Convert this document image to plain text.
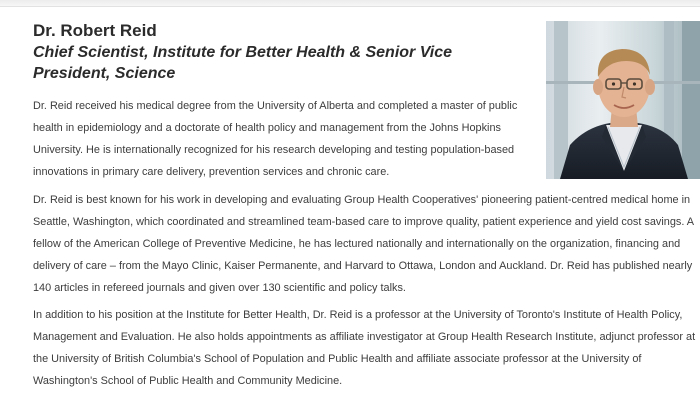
Dr. Robert Reid
Chief Scientist, Institute for Better Health & Senior Vice President, Science

Dr. Reid received his medical degree from the University of Alberta and completed a master of public health in epidemiology and a doctorate of health policy and management from the Johns Hopkins University. He is internationally recognized for his research developing and testing population-based innovations in primary care delivery, prevention services and chronic care.

Dr. Reid is best known for his work in developing and evaluating Group Health Cooperatives' pioneering patient-centred medical home in Seattle, Washington, which coordinated and streamlined team-based care to improve quality, patient experience and yield cost savings. A fellow of the American College of Preventive Medicine, he has lectured nationally and internationally on the organization, financing and delivery of care – from the Mayo Clinic, Kaiser Permanente, and Harvard to Ottawa, London and Auckland. Dr. Reid has published nearly 140 articles in refereed journals and given over 130 scientific and policy talks.

In addition to his position at the Institute for Better Health, Dr. Reid is a professor at the University of Toronto's Institute of Health Policy, Management and Evaluation. He also holds appointments as affiliate investigator at Group Health Research Institute, adjunct professor at the University of British Columbia's School of Population and Public Health and affiliate associate professor at the University of Washington's School of Public Health and Community Medicine.
